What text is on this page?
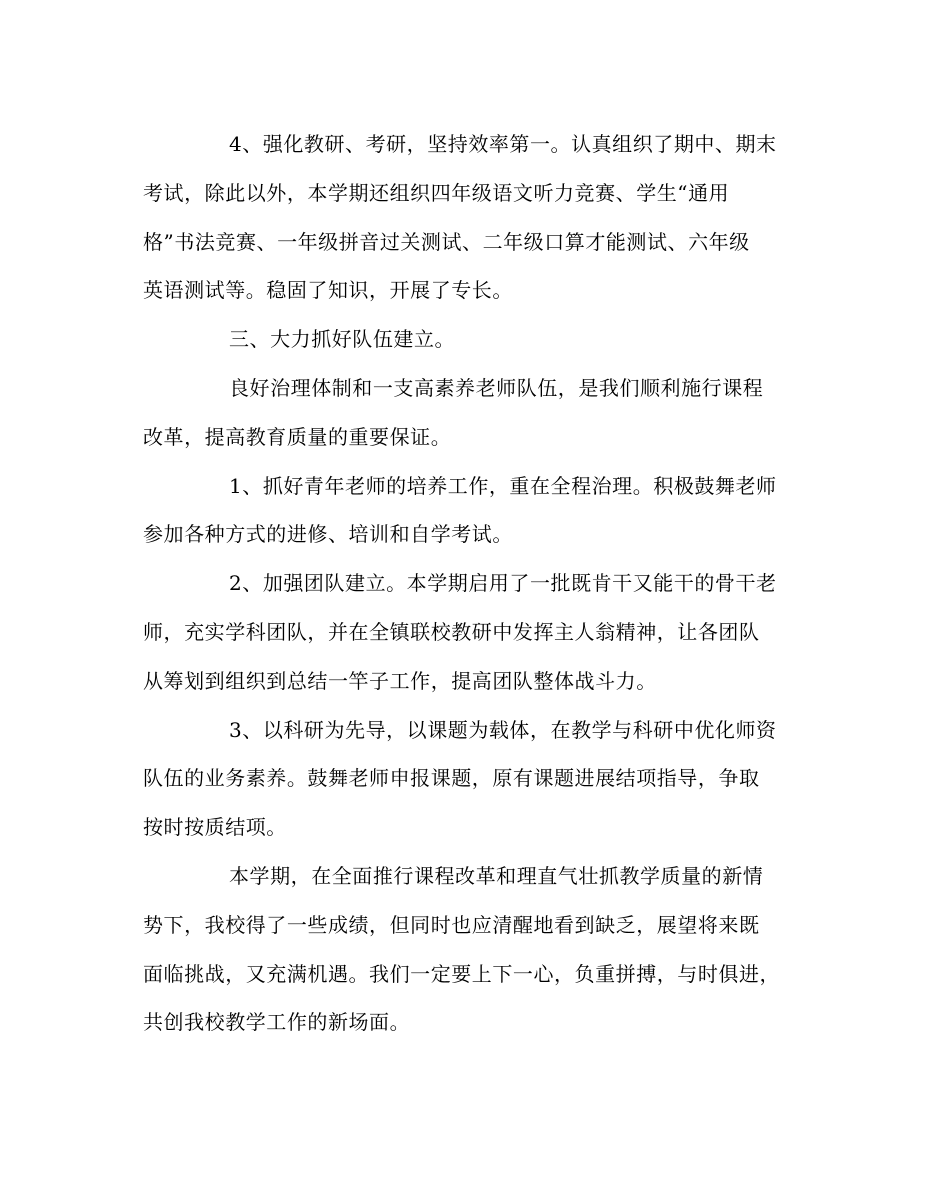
4、强化教研、考研，坚持效率第一。认真组织了期中、期末
考试，除此以外，本学期还组织四年级语文听力竞赛、学生“通用
格”书法竞赛、一年级拼音过关测试、二年级口算才能测试、六年级
英语测试等。稳固了知识，开展了专长。
三、大力抓好队伍建立。
良好治理体制和一支高素养老师队伍，是我们顺利施行课程
改革，提高教育质量的重要保证。
1、抓好青年老师的培养工作，重在全程治理。积极鼓舞老师
参加各种方式的进修、培训和自学考试。
2、加强团队建立。本学期启用了一批既肯干又能干的骨干老
师，充实学科团队，并在全镇联校教研中发挥主人翁精神，让各团队
从筹划到组织到总结一竿子工作，提高团队整体战斗力。
3、以科研为先导，以课题为载体，在教学与科研中优化师资
队伍的业务素养。鼓舞老师申报课题，原有课题进展结项指导，争取
按时按质结项。
本学期，在全面推行课程改革和理直气壮抓教学质量的新情
势下，我校得了一些成绩，但同时也应清醒地看到缺乏，展望将来既
面临挑战，又充满机遇。我们一定要上下一心，负重拼搏，与时俱进，
共创我校教学工作的新场面。
